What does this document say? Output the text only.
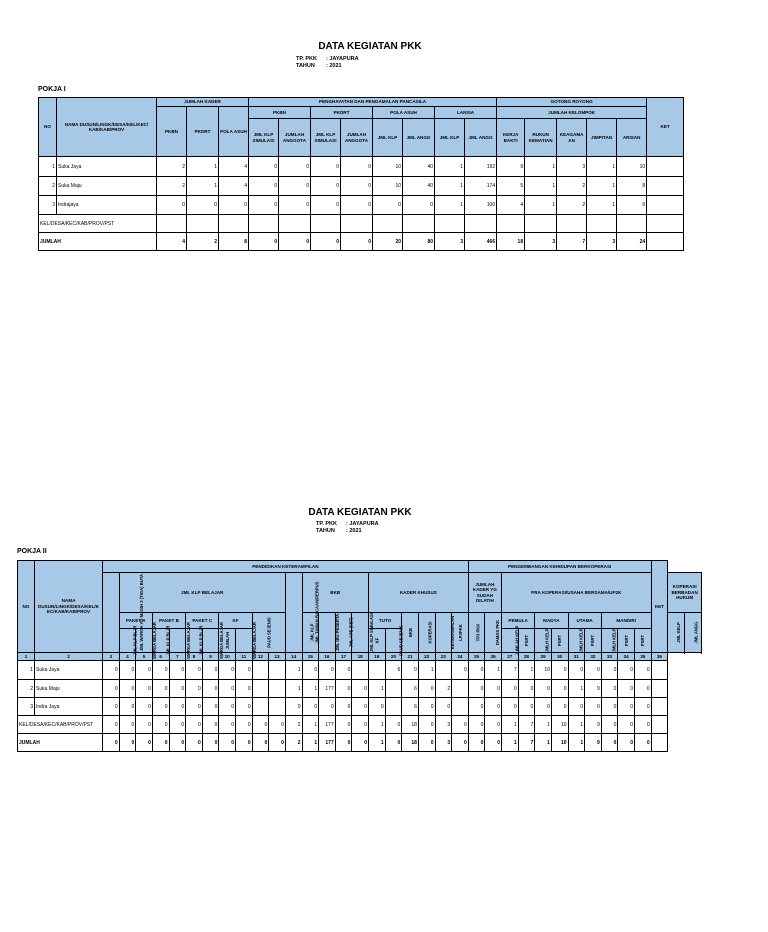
DATA KEGIATAN PKK
TP. PKK : JAYAPURA
TAHUN : 2021
POKJA I
NO	NAMA DUSUN/LINGK/DESA/KEL/KEC/ KAB/KAB/PROV	JUMLAH KADER			PENGHAYATAN DAN PENGAMALAN PANCASILA								GOTONG ROYONG					KET
		PKBN	PKDRT	POLA ASUH	PKBN		PKDRT		POLA ASUH		LANSIA		JUMLAH KELOMPOK					
					JML KLP SIMULASI	JUMLAH ANGGOTA	JML KLP SIMULASI	JUMLAH ANGGOTA	JML KLP	JML ANGG	JML KLP	JML ANGG	KERJA BAKTI	RUKUN KEMATIAN	KEAGAMA AN	JIMPITAN	ARISAN	
1	Suka Jaya	2	1	4	0	0	0	0	10	40	1	192	9	1	3	1	10	
2	Suka Maju	2	1	4	0	0	0	0	10	40	1	174	5	1	2	1	8	
3	Indrajaya	0	0	0	0	0	0	0	0	0	1	100	4	1	2	1	6	
KEL/DESA/KEC/KAB/PROV/PST																		
JUMLAH		4	2	8	0	0	0	0	20	80	3	466	18	3	7	3	24	
DATA KEGIATAN PKK
TP. PKK : JAYAPURA
TAHUN : 2021
POKJA II
NO	NAMA DUSUN/LINGK/DESA/KEL/K EC/KAB/KAB/PROV	PENDIDIKAN KETERAMPILAN																						PENGEMBANGAN KEHIDUPAN BERKOPERASI											KET		
		JML WARGA YG MASIH 3 (TIGA) BUTA	JML KLP BELAJAR										JML TAMAN BACAAN/PERPUS	BKB				KADER KHUSUS						JUMLAH KADER YG SUDAH DILATIH		PRA KOPERASI/USAHA BERSAMA/UP2K										KOPERASI BERBADAN HUKUM	
			PAKET A		PAKET B		PAKET C		KF		PAUD SEJENIS			JML KLP	JML IBU PESERTA	JML APE (SET)	JML KLP SIMULASI	TUTO		BKB	KOPERASI	KETERAMPILAN	LP3PKK	TP3 PKK	DAMAS PKK	PEMULA		MADYA		UTAMA		MANDIRI				JML KELP	JML ANGG
			JML KLP BLJR	WARGA BELAJAR	JML KLP BLJR	WARGA BELAJAR	JML KLP BLJR	WARGA BELAJAR	JUMLAH	WARGA BELAJAR								KF	PAUD SEJENIS							JUMLAH KELP	PSRT	JMLH KELP	PSRT	JMLH KELP	PSRT	JMLH KELP	PSRT	PSRT			

1	2	3	4	5	6	7	8	9	10	11	12	13	14	15	16	17	18	19	20	21	22	23	24	25	26	27	28	29	30	31	32	33	34	35	36		
1	Suka Jaya	0	0	0	0	0	0	0	0	0			1	0	0	0			6	0	1		0	0	1	7	1	10	0	0	0	0	0	0			
2	Suka Maju	0	0	0	0	0	0	0	0	0			1	1	177	0	0	1		6	0	2		0	0	0	0	0	0	1	9	0	0	0			
3	Indra Jaya	0	0	0	0	0	0	0	0	0			0	0	0	0	0	0		6	0	0		0	0	0	0	0	0	0	0	0	0	0			
KEL/DESA/KEC/KAB/PROV/PST		0	0	0	0	0	0	0	0	0	0	0	2	1	177	0	0	1	0	18	0	3	0	0	0	1	7	1	10	1	9	0	0	0			
JUMLAH		0	0	0	0	0	0	0	0	0	0	0	2	1	177	0	0	1	0	18	0	3	0	0	0	1	7	1	10	1	9	0	0	0			
